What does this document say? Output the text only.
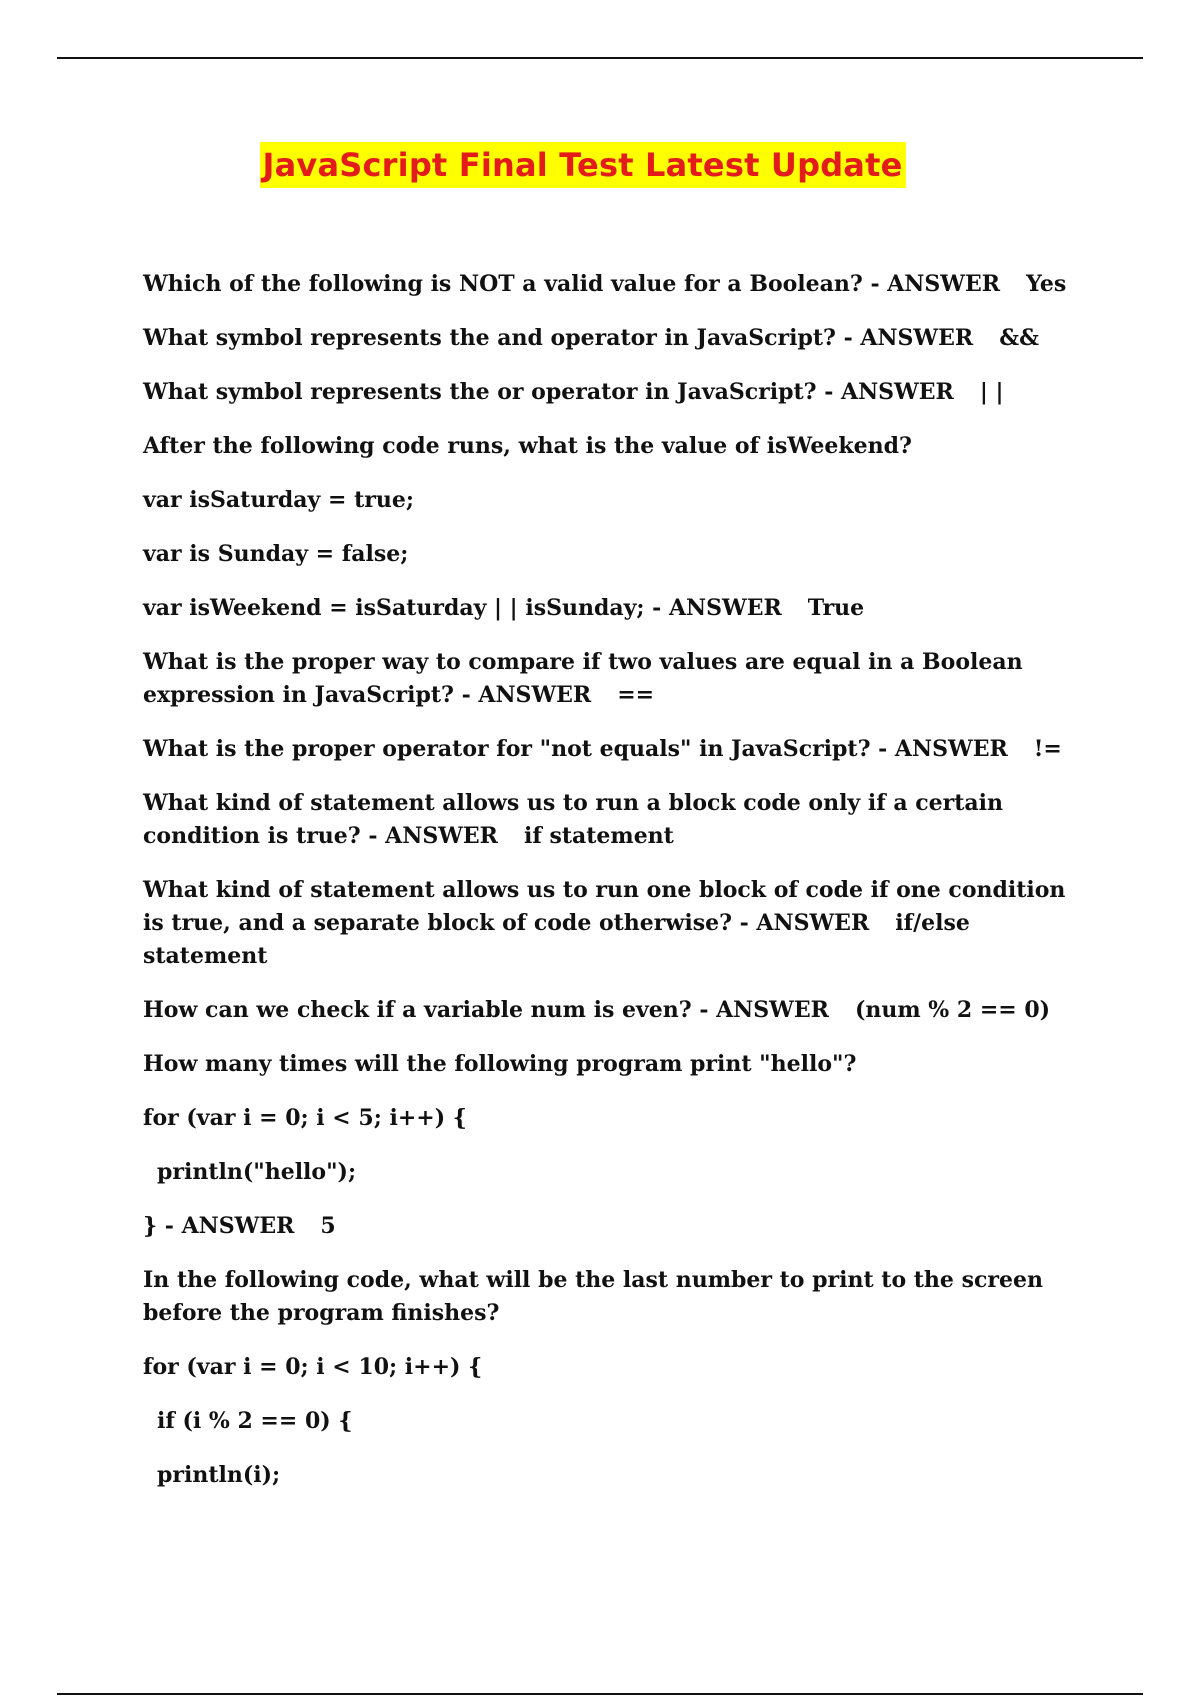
JavaScript Final Test Latest Update
Which of the following is NOT a valid value for a Boolean? - ANSWER Yes
What symbol represents the and operator in JavaScript? - ANSWER &&
What symbol represents the or operator in JavaScript? - ANSWER | |
After the following code runs, what is the value of isWeekend?
var isSaturday = true;
var is Sunday = false;
var isWeekend = isSaturday | | isSunday; - ANSWER True
What is the proper way to compare if two values are equal in a Boolean expression in JavaScript? - ANSWER ==
What is the proper operator for "not equals" in JavaScript? - ANSWER !=
What kind of statement allows us to run a block code only if a certain condition is true? - ANSWER if statement
What kind of statement allows us to run one block of code if one condition is true, and a separate block of code otherwise? - ANSWER if/else statement
How can we check if a variable num is even? - ANSWER (num % 2 == 0)
How many times will the following program print "hello"?
for (var i = 0; i < 5; i++) {
println("hello");
} - ANSWER 5
In the following code, what will be the last number to print to the screen before the program finishes?
for (var i = 0; i < 10; i++) {
if (i % 2 == 0) {
println(i);
